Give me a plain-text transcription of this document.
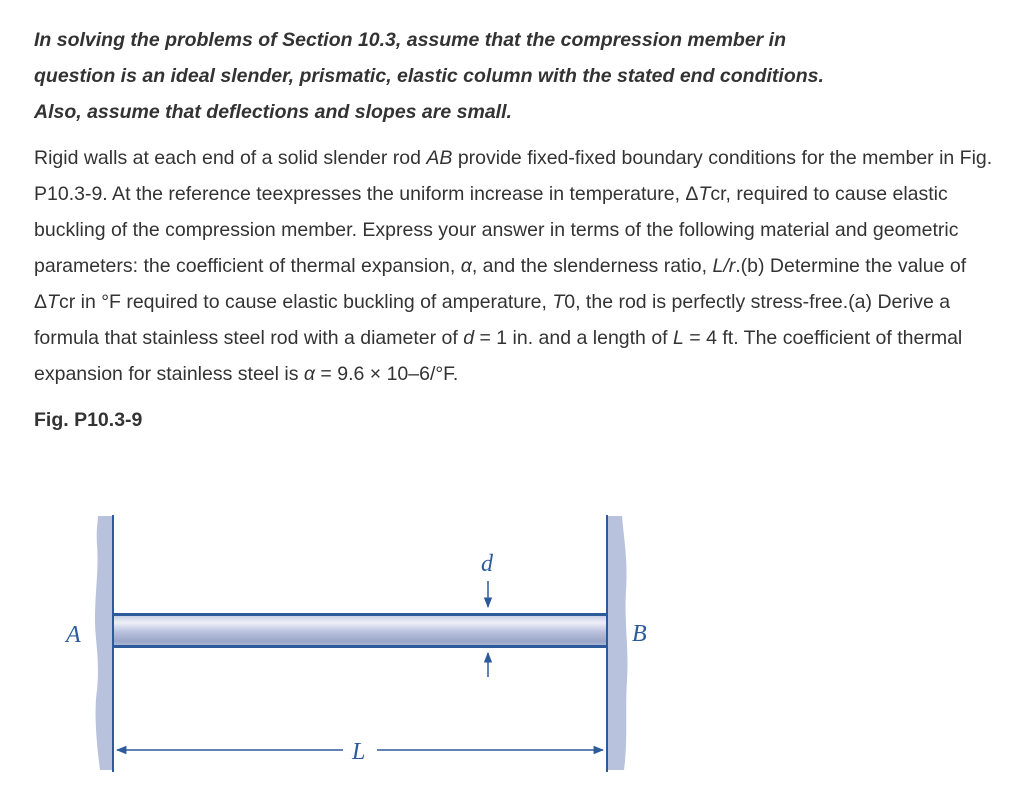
In solving the problems of Section 10.3, assume that the compression member in
question is an ideal slender, prismatic, elastic column with the stated end conditions.
Also, assume that deflections and slopes are small.

Rigid walls at each end of a solid slender rod AB provide fixed-fixed boundary conditions for the member in Fig. P10.3-9. At the reference teexpresses the uniform increase in temperature, ΔTcr, required to cause elastic buckling of the compression member. Express your answer in terms of the following material and geometric parameters: the coefficient of thermal expansion, α, and the slenderness ratio, L/r.(b) Determine the value of ΔTcr in °F required to cause elastic buckling of amperature, T0, the rod is perfectly stress-free.(a) Derive a formula that stainless steel rod with a diameter of d = 1 in. and a length of L = 4 ft. The coefficient of thermal expansion for stainless steel is α = 9.6 × 10–6/°F.

Fig. P10.3-9

A	B
d
L
